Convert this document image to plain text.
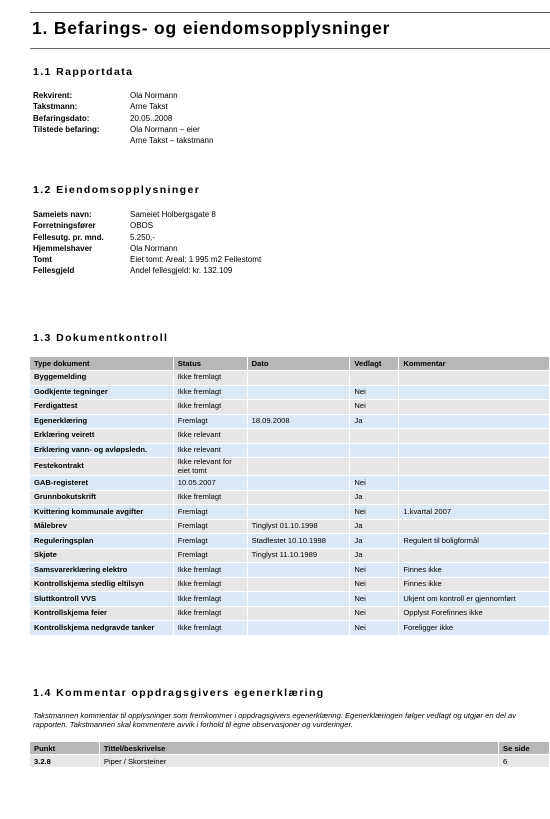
1. Befarings- og eiendomsopplysninger
1.1 Rapportdata
Rekvirent:	Ola Normann
Takstmann:	Arne Takst
Befaringsdato:	20.05..2008
Tilstede befaring:	Ola Normann – eier
Arne Takst – takstmann
1.2 Eiendomsopplysninger
Sameiets navn:	Sameiet Holbergsgate 8
Forretningsfører	OBOS
Fellesutg. pr. mnd.	5.250,-
Hjemmelshaver	Ola Normann
Tomt	Eiet tomt: Areal: 1 995 m2 Fellestomt
Fellesgjeld	Andel fellesgjeld: kr. 132.109
1.3 Dokumentkontroll
Type dokument	Status	Dato	Vedlagt	Kommentar
Byggemelding	Ikke fremlagt			
Godkjente tegninger	Ikke fremlagt		Nei	
Ferdigattest	Ikke fremlagt		Nei	
Egenerklæring	Fremlagt	18.09.2008	Ja	
Erklæring veirett	Ikke relevant			
Erklæring vann- og avløpsledn.	Ikke relevant			
Festekontrakt	Ikke relevant for eiet tomt			
GAB-registeret	10.05.2007		Nei	
Grunnbokutskrift	Ikke fremlagt		Ja	
Kvittering kommunale avgifter	Fremlagt		Nei	1.kvartal 2007
Målebrev	Fremlagt	Tinglyst 01.10.1998	Ja	
Reguleringsplan	Fremlagt	Stadfestet 10.10.1998	Ja	Regulert til boligformål
Skjøte	Fremlagt	Tinglyst 11.10.1989	Ja	
Samsvarerklæring elektro	Ikke fremlagt		Nei	Finnes ikke
Kontrollskjema stedlig eltilsyn	Ikke fremlagt		Nei	Finnes ikke
Sluttkontroll VVS	Ikke fremlagt		Nei	Ukjent om kontroll er gjennomført
Kontrollskjema feier	Ikke fremlagt		Nei	Opplyst Forefinnes ikke
Kontrollskjema nedgravde tanker	Ikke fremlagt		Nei	Foreligger ikke
1.4 Kommentar oppdragsgivers egenerklæring
Takstmannen kommentar til opplysninger som fremkommer i oppdragsgivers egenerklæring. Egenerklæringen følger vedlagt og utgjør en del av rapporten. Takstmannen skal kommentere avvik i forhold til egne observasjoner og vurderinger.
Punkt	Tittel/beskrivelse	Se side
3.2.8	Piper / Skorsteiner	6
